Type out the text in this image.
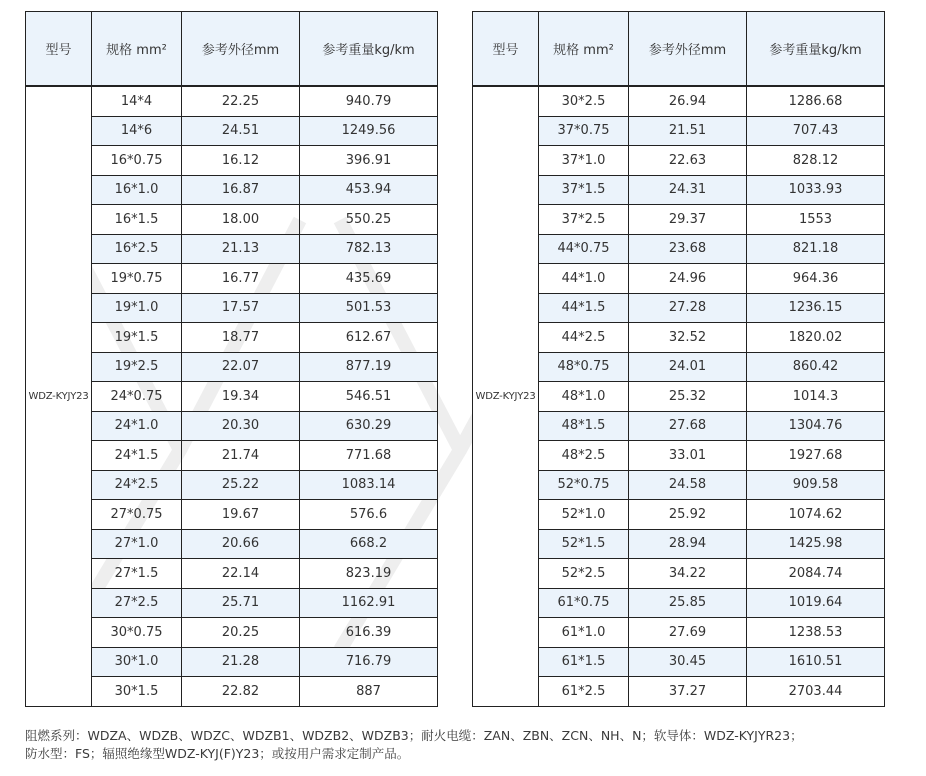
型号	规格 mm²	参考外径mm	参考重量kg/km
WDZ-KYJY23	14*4	22.25	940.79
	14*6	24.51	1249.56
	16*0.75	16.12	396.91
	16*1.0	16.87	453.94
	16*1.5	18.00	550.25
	16*2.5	21.13	782.13
	19*0.75	16.77	435.69
	19*1.0	17.57	501.53
	19*1.5	18.77	612.67
	19*2.5	22.07	877.19
	24*0.75	19.34	546.51
	24*1.0	20.30	630.29
	24*1.5	21.74	771.68
	24*2.5	25.22	1083.14
	27*0.75	19.67	576.6
	27*1.0	20.66	668.2
	27*1.5	22.14	823.19
	27*2.5	25.71	1162.91
	30*0.75	20.25	616.39
	30*1.0	21.28	716.79
	30*1.5	22.82	887
型号	规格 mm²	参考外径mm	参考重量kg/km
WDZ-KYJY23	30*2.5	26.94	1286.68
	37*0.75	21.51	707.43
	37*1.0	22.63	828.12
	37*1.5	24.31	1033.93
	37*2.5	29.37	1553
	44*0.75	23.68	821.18
	44*1.0	24.96	964.36
	44*1.5	27.28	1236.15
	44*2.5	32.52	1820.02
	48*0.75	24.01	860.42
	48*1.0	25.32	1014.3
	48*1.5	27.68	1304.76
	48*2.5	33.01	1927.68
	52*0.75	24.58	909.58
	52*1.0	25.92	1074.62
	52*1.5	28.94	1425.98
	52*2.5	34.22	2084.74
	61*0.75	25.85	1019.64
	61*1.0	27.69	1238.53
	61*1.5	30.45	1610.51
	61*2.5	37.27	2703.44
阻燃系列：WDZA、WDZB、WDZC、WDZB1、WDZB2、WDZB3；耐火电缆：ZAN、ZBN、ZCN、NH、N；软导体：WDZ-KYJYR23；
防水型：FS；辐照绝缘型WDZ-KYJ(F)Y23；或按用户需求定制产品。
